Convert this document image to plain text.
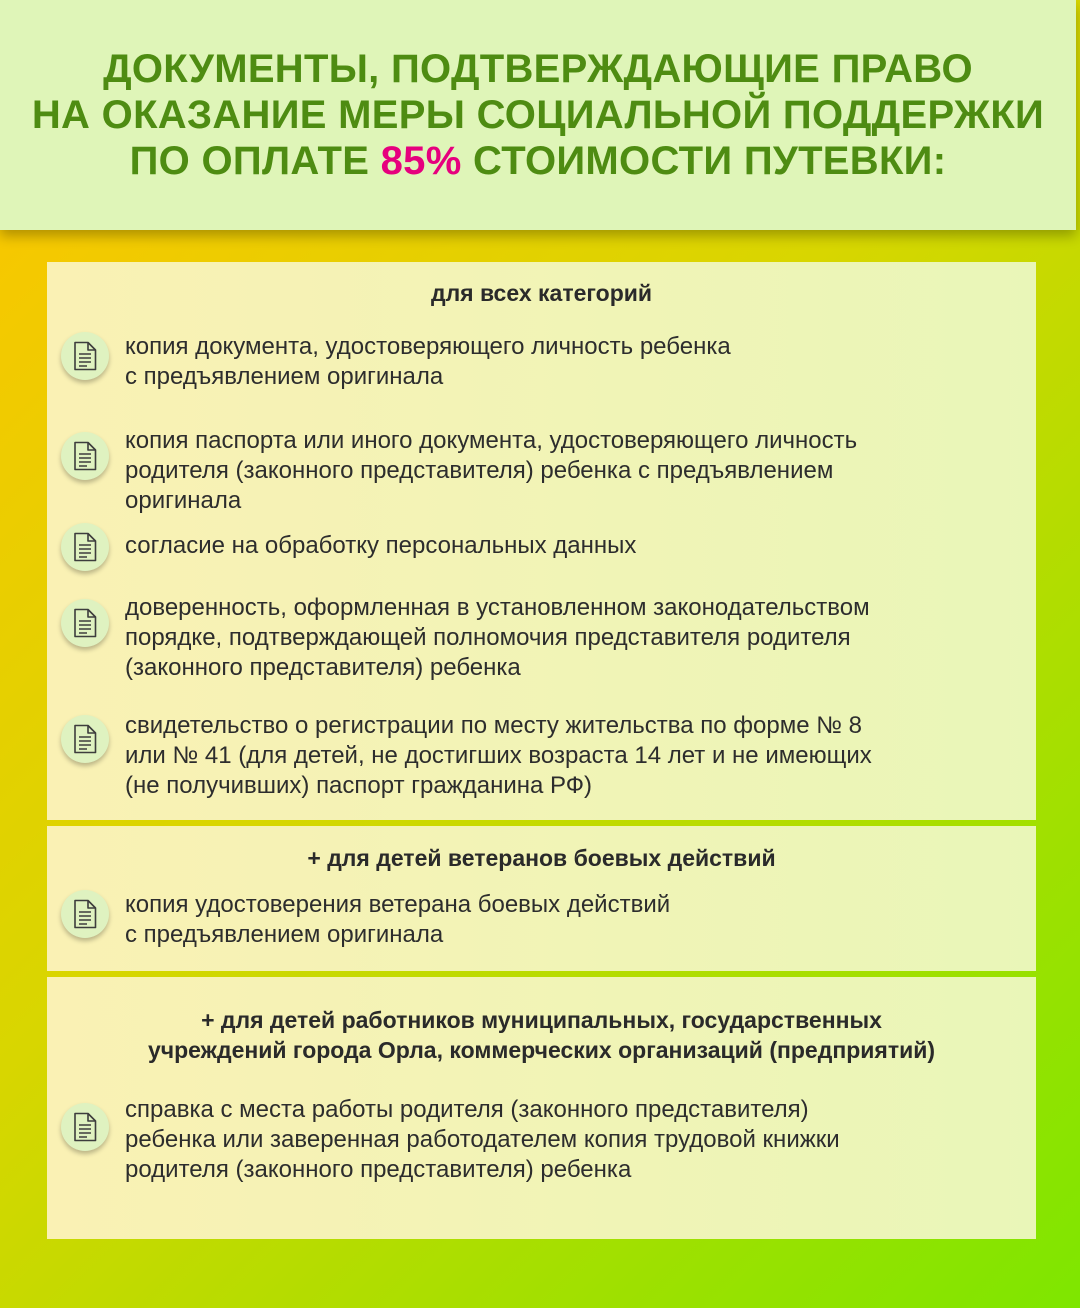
ДОКУМЕНТЫ, ПОДТВЕРЖДАЮЩИЕ ПРАВО
НА ОКАЗАНИЕ МЕРЫ СОЦИАЛЬНОЙ ПОДДЕРЖКИ
ПО ОПЛАТЕ 85% СТОИМОСТИ ПУТЕВКИ:
для всех категорий

копия документа, удостоверяющего личность ребенка
с предъявлением оригинала

копия паспорта или иного документа, удостоверяющего личность
родителя (законного представителя) ребенка с предъявлением
оригинала

согласие на обработку персональных данных

доверенность, оформленная в установленном законодательством
порядке, подтверждающей полномочия представителя родителя
(законного представителя) ребенка

свидетельство о регистрации по месту жительства по форме № 8
или № 41 (для детей, не достигших возраста 14 лет и не имеющих
(не получивших) паспорт гражданина РФ)

+ для детей ветеранов боевых действий

копия удостоверения ветерана боевых действий
с предъявлением оригинала

+ для детей работников муниципальных, государственных
учреждений города Орла, коммерческих организаций (предприятий)

справка с места работы родителя (законного представителя)
ребенка или заверенная работодателем копия трудовой книжки
родителя (законного представителя) ребенка
